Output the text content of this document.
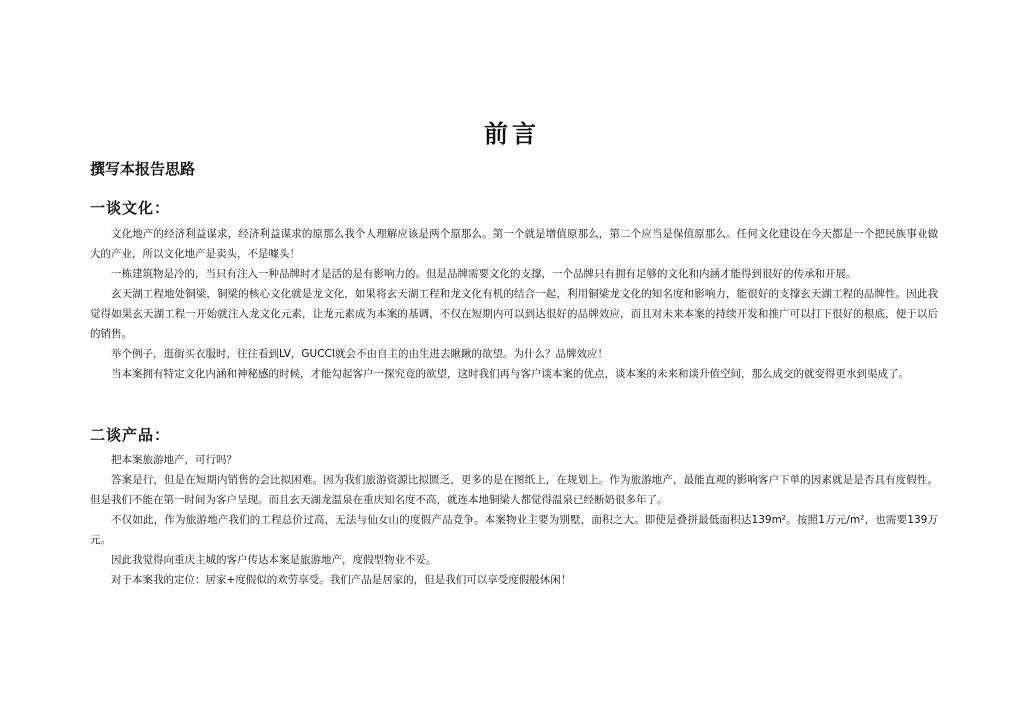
前言
撰写本报告思路
一谈文化：

文化地产的经济利益谋求，经济利益谋求的原那么我个人理解应该是两个原那么。第一个就是增值原那么，第二个应当是保值原那么。任何文化建设在今天都是一个把民族事业做大的产业，所以文化地产是卖头，不是噱头！

一栋建筑物是冷的，当只有注入一种品牌时才是活的是有影响力的。但是品牌需要文化的支撑，一个品牌只有拥有足够的文化和内涵才能得到很好的传承和开展。

玄天湖工程地处铜梁，铜梁的核心文化就是龙文化，如果将玄天湖工程和龙文化有机的结合一起，利用铜梁龙文化的知名度和影响力，能很好的支撑玄天湖工程的品牌性。因此我觉得如果玄天湖工程一开始就注入龙文化元素，让龙元素成为本案的基调，不仅在短期内可以到达很好的品牌效应，而且对未来本案的持续开发和推广可以打下很好的根底，便于以后的销售。

举个例子，逛街买衣服时，往往看到LV，GUCCI就会不由自主的由生进去瞅瞅的欲望。为什么？品牌效应！

当本案拥有特定文化内涵和神秘感的时候，才能勾起客户一探究竟的欲望，这时我们再与客户谈本案的优点，谈本案的未来和谈升值空间，那么成交的就变得更水到渠成了。

二谈产品：

把本案旅游地产，可行吗？

答案是行，但是在短期内销售的会比拟困难。因为我们旅游资源比拟匮乏，更多的是在图纸上，在规划上。作为旅游地产，最能直观的影响客户下单的因素就是是否具有度假性。但是我们不能在第一时间为客户呈现。而且玄天湖龙温泉在重庆知名度不高，就连本地铜梁人都觉得温泉已经断奶很多年了。

不仅如此，作为旅游地产我们的工程总价过高，无法与仙女山的度假产品竞争。本案物业主要为别墅，面积之大。即使是叠拼最低面积达139m²。按照1万元/m²，也需要139万元。

因此我觉得向重庆主城的客户传达本案是旅游地产，度假型物业不妥。

对于本案我的定位：居家+度假似的欢劳享受。我们产品是居家的，但是我们可以享受度假般休闲！
